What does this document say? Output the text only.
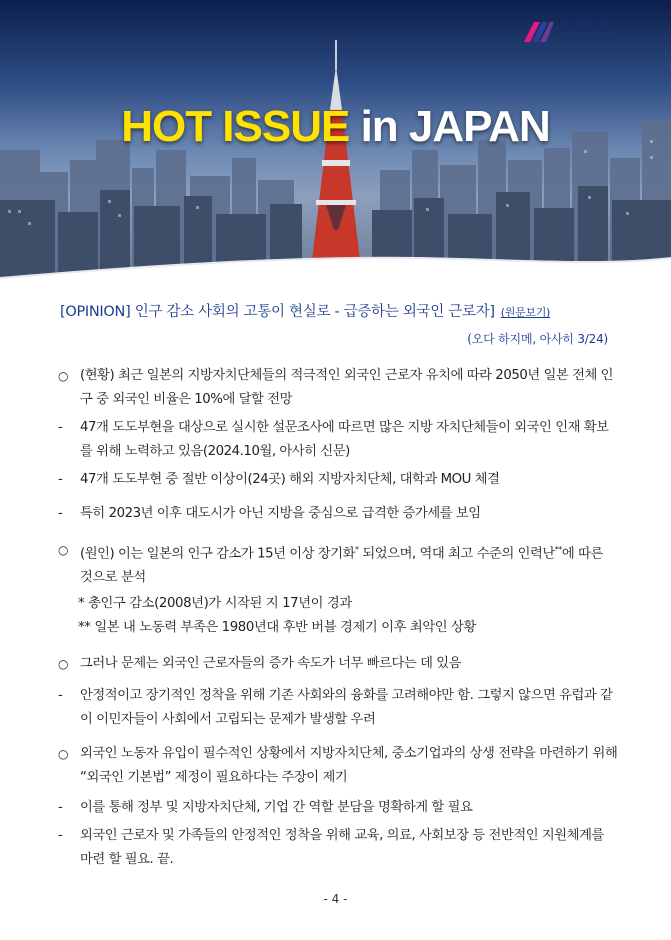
KITA
www.tradeKorea.com
HOT ISSUE in JAPAN
[OPINION] 인구 감소 사회의 고통이 현실로 - 급증하는 외국인 근로자] (원문보기)
(오다 하지메, 아사히 3/24)
○ (현황) 최근 일본의 지방자치단체들의 적극적인 외국인 근로자 유치에 따라 2050년 일본 전체 인구 중 외국인 비율은 10%에 달할 전망
-	47개 도도부현을 대상으로 실시한 설문조사에 따르면 많은 지방 자치단체들이 외국인 인재 확보를 위해 노력하고 있음(2024.10월, 아사히 신문)
-	47개 도도부현 중 절반 이상이(24곳) 해외 지방자치단체, 대학과 MOU 체결
-	특히 2023년 이후 대도시가 아닌 지방을 중심으로 급격한 증가세를 보임
○ (원인) 이는 일본의 인구 감소가 15년 이상 장기화* 되었으며, 역대 최고 수준의 인력난**에 따른 것으로 분석
* 총인구 감소(2008년)가 시작된 지 17년이 경과
** 일본 내 노동력 부족은 1980년대 후반 버블 경제기 이후 최악인 상황
○ 그러나 문제는 외국인 근로자들의 증가 속도가 너무 빠르다는 데 있음
-	안정적이고 장기적인 정착을 위해 기존 사회와의 융화를 고려해야만 함. 그렇지 않으면 유럽과 같이 이민자들이 사회에서 고립되는 문제가 발생할 우려
○ 외국인 노동자 유입이 필수적인 상황에서 지방자치단체, 중소기업과의 상생 전략을 마련하기 위해 “외국인 기본법” 제정이 필요하다는 주장이 제기
-	이를 통해 정부 및 지방자치단체, 기업 간 역할 분담을 명확하게 할 필요
-	외국인 근로자 및 가족들의 안정적인 정착을 위해 교육, 의료, 사회보장 등 전반적인 지원체계를 마련 할 필요. 끝.
- 4 -
